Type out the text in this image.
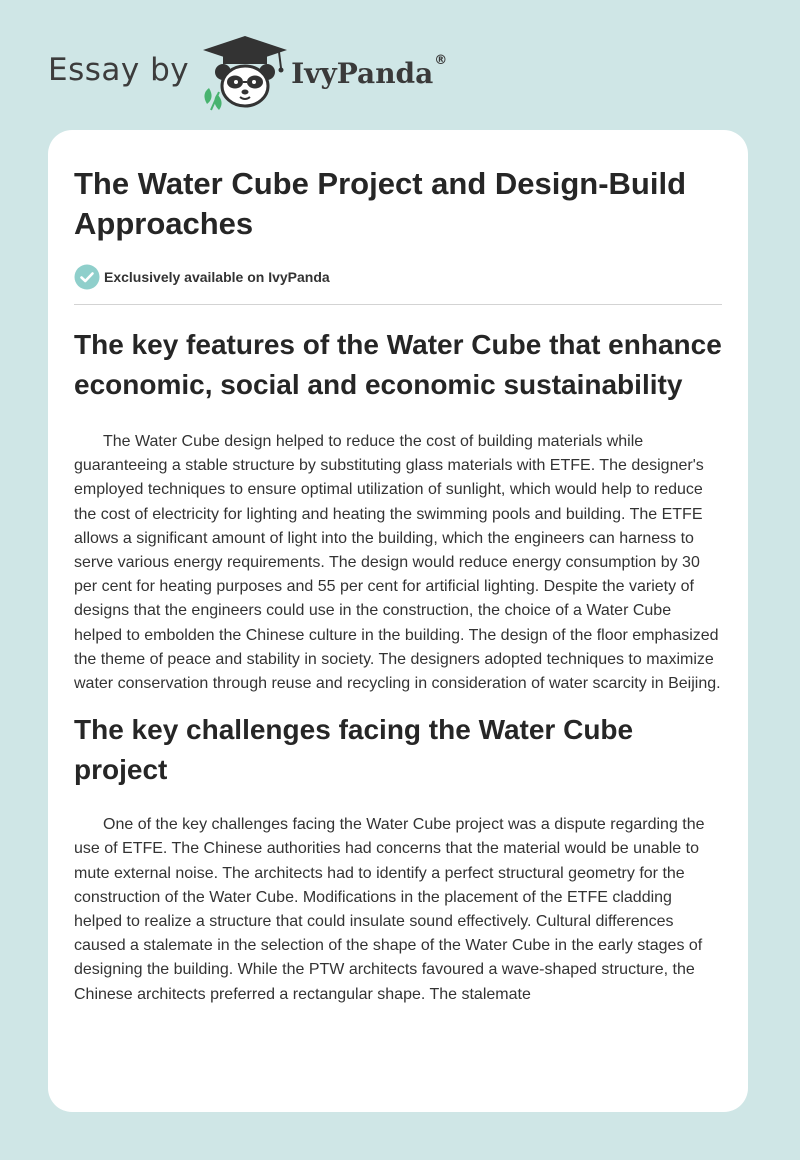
Essay by	IvyPanda®
The Water Cube Project and Design-Build Approaches
Exclusively available on IvyPanda
The key features of the Water Cube that enhance economic, social and economic sustainability

The Water Cube design helped to reduce the cost of building materials while guaranteeing a stable structure by substituting glass materials with ETFE. The designer's employed techniques to ensure optimal utilization of sunlight, which would help to reduce the cost of electricity for lighting and heating the swimming pools and building. The ETFE allows a significant amount of light into the building, which the engineers can harness to serve various energy requirements. The design would reduce energy consumption by 30 per cent for heating purposes and 55 per cent for artificial lighting. Despite the variety of designs that the engineers could use in the construction, the choice of a Water Cube helped to embolden the Chinese culture in the building. The design of the floor emphasized the theme of peace and stability in society. The designers adopted techniques to maximize water conservation through reuse and recycling in consideration of water scarcity in Beijing.

The key challenges facing the Water Cube project

One of the key challenges facing the Water Cube project was a dispute regarding the use of ETFE. The Chinese authorities had concerns that the material would be unable to mute external noise. The architects had to identify a perfect structural geometry for the construction of the Water Cube. Modifications in the placement of the ETFE cladding helped to realize a structure that could insulate sound effectively. Cultural differences caused a stalemate in the selection of the shape of the Water Cube in the early stages of designing the building. While the PTW architects favoured a wave-shaped structure, the Chinese architects preferred a rectangular shape. The stalemate
